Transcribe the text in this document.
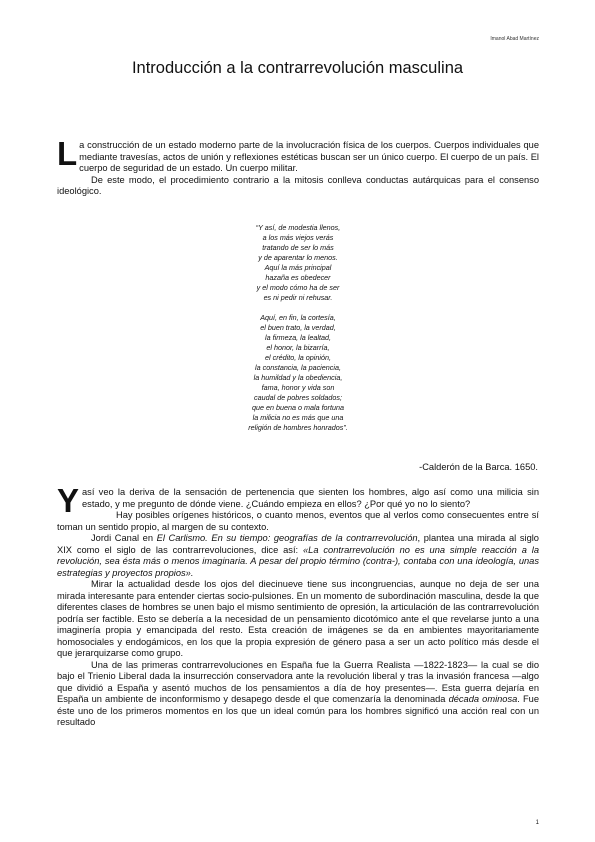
Imanol Abad Martínez
Introducción a la contrarrevolución masculina

La construcción de un estado moderno parte de la involucración física de los cuerpos. Cuerpos individuales que mediante travesías, actos de unión y reflexiones estéticas buscan ser un único cuerpo. El cuerpo de un país. El cuerpo de seguridad de un estado. Un cuerpo militar.

De este modo, el procedimiento contrario a la mitosis conlleva conductas autárquicas para el consenso ideológico.

“Y así, de modestia llenos,
a los más viejos verás
tratando de ser lo más
y de aparentar lo menos.
Aquí la más principal
hazaña es obedecer
y el modo cómo ha de ser
es ni pedir ni rehusar.
Aquí, en fin, la cortesía,
el buen trato, la verdad,
la firmeza, la lealtad,
el honor, la bizarría,
el crédito, la opinión,
la constancia, la paciencia,
la humildad y la obediencia,
fama, honor y vida son
caudal de pobres soldados;
que en buena o mala fortuna
la milicia no es más que una
religión de hombres honrados”.
-Calderón de la Barca. 1650.

Yasí veo la deriva de la sensación de pertenencia que sienten los hombres, algo así como una milicia sin estado, y me pregunto de dónde viene. ¿Cuándo empieza en ellos? ¿Por qué yo no lo siento?

Hay posibles orígenes históricos, o cuanto menos, eventos que al verlos como consecuentes entre sí toman un sentido propio, al margen de su contexto.

Jordi Canal en El Carlismo. En su tiempo: geografías de la contrarrevolución, plantea una mirada al siglo XIX como el siglo de las contrarrevoluciones, dice así: «La contrarrevolución no es una simple reacción a la revolución, sea ésta más o menos imaginaria. A pesar del propio término (contra-), contaba con una ideología, unas estrategias y proyectos propios».

Mirar la actualidad desde los ojos del diecinueve tiene sus incongruencias, aunque no deja de ser una mirada interesante para entender ciertas socio-pulsiones. En un momento de subordinación masculina, desde la que diferentes clases de hombres se unen bajo el mismo sentimiento de opresión, la articulación de las contrarrevolución podría ser factible. Esto se debería a la necesidad de un pensamiento dicotómico ante el que revelarse junto a una imaginería propia y emancipada del resto. Esta creación de imágenes se da en ambientes mayoritariamente homosociales y endogámicos, en los que la propia expresión de género pasa a ser un acto político más desde el que jerarquizarse como grupo.

Una de las primeras contrarrevoluciones en España fue la Guerra Realista —1822-1823— la cual se dio bajo el Trienio Liberal dada la insurrección conservadora ante la revolución liberal y tras la invasión francesa —algo que dividió a España y asentó muchos de los pensamientos a día de hoy presentes—. Esta guerra dejaría en España un ambiente de inconformismo y desapego desde el que comenzaría la denominada década ominosa. Fue éste uno de los primeros momentos en los que un ideal común para los hombres significó una acción real con un resultado

1
